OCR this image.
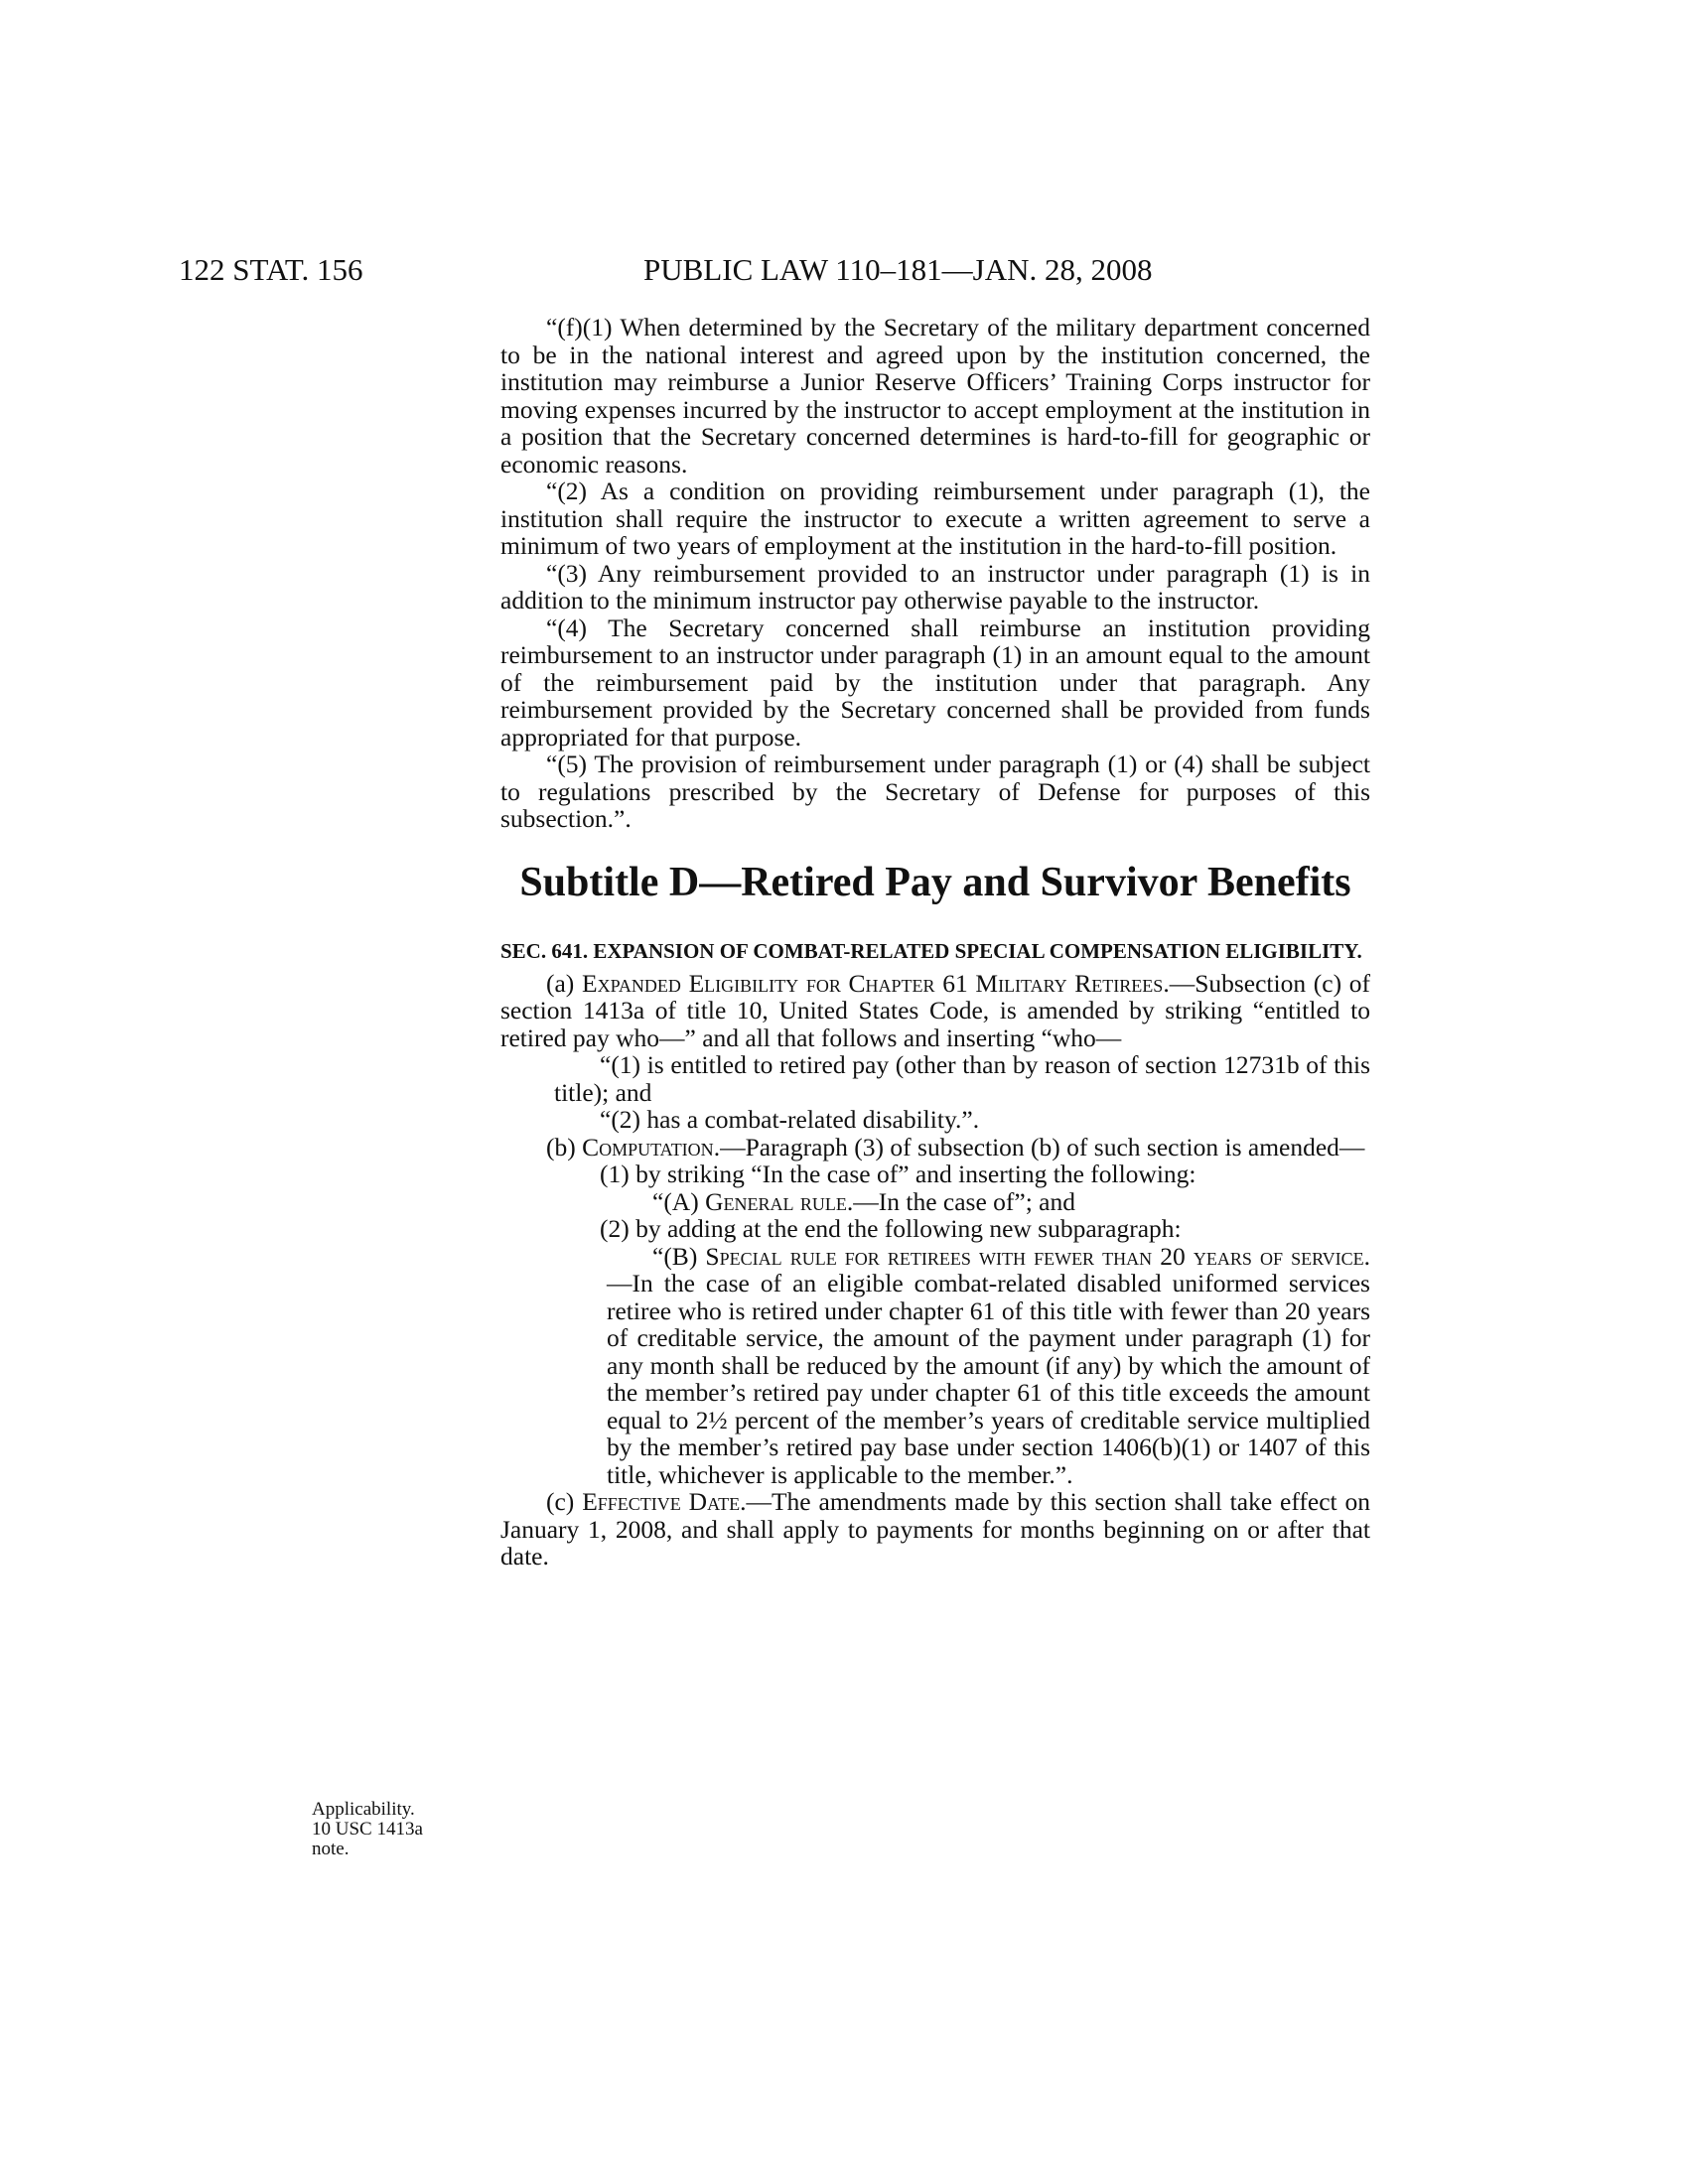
122 STAT. 156	PUBLIC LAW 110–181—JAN. 28, 2008

“(f)(1) When determined by the Secretary of the military department concerned to be in the national interest and agreed upon by the institution concerned, the institution may reimburse a Junior Reserve Officers’ Training Corps instructor for moving expenses incurred by the instructor to accept employment at the institution in a position that the Secretary concerned determines is hard-to-fill for geographic or economic reasons.

“(2) As a condition on providing reimbursement under paragraph (1), the institution shall require the instructor to execute a written agreement to serve a minimum of two years of employment at the institution in the hard-to-fill position.

“(3) Any reimbursement provided to an instructor under paragraph (1) is in addition to the minimum instructor pay otherwise payable to the instructor.

“(4) The Secretary concerned shall reimburse an institution providing reimbursement to an instructor under paragraph (1) in an amount equal to the amount of the reimbursement paid by the institution under that paragraph. Any reimbursement provided by the Secretary concerned shall be provided from funds appropriated for that purpose.

“(5) The provision of reimbursement under paragraph (1) or (4) shall be subject to regulations prescribed by the Secretary of Defense for purposes of this subsection.”.

Subtitle D—Retired Pay and Survivor Benefits

SEC. 641. EXPANSION OF COMBAT-RELATED SPECIAL COMPENSATION ELIGIBILITY.

(a) Expanded Eligibility for Chapter 61 Military Retirees.—Subsection (c) of section 1413a of title 10, United States Code, is amended by striking “entitled to retired pay who—” and all that follows and inserting “who—

“(1) is entitled to retired pay (other than by reason of section 12731b of this title); and

“(2) has a combat-related disability.”.

(b) Computation.—Paragraph (3) of subsection (b) of such section is amended—

(1) by striking “In the case of” and inserting the following:

“(A) General rule.—In the case of”; and

(2) by adding at the end the following new subparagraph:

“(B) Special rule for retirees with fewer than 20 years of service.—In the case of an eligible combat-related disabled uniformed services retiree who is retired under chapter 61 of this title with fewer than 20 years of creditable service, the amount of the payment under paragraph (1) for any month shall be reduced by the amount (if any) by which the amount of the member’s retired pay under chapter 61 of this title exceeds the amount equal to 2½ percent of the member’s years of creditable service multiplied by the member’s retired pay base under section 1406(b)(1) or 1407 of this title, whichever is applicable to the member.”.

(c) Effective Date.—The amendments made by this section shall take effect on January 1, 2008, and shall apply to payments for months beginning on or after that date.

Applicability.
10 USC 1413a
note.
